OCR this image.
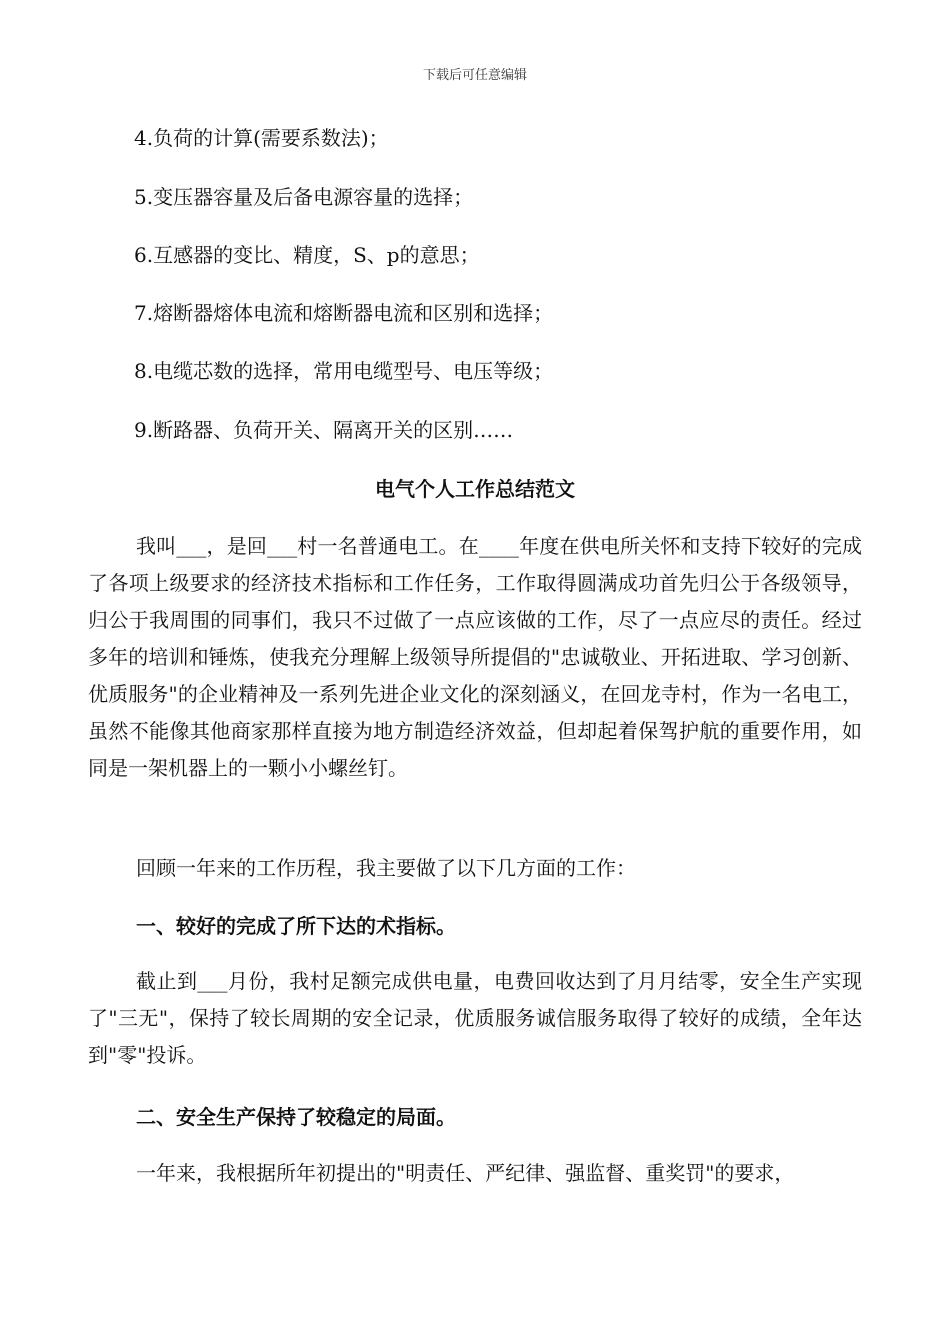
下载后可任意编辑
4.负荷的计算(需要系数法)；
5.变压器容量及后备电源容量的选择；
6.互感器的变比、精度，S、p的意思；
7.熔断器熔体电流和熔断器电流和区别和选择；
8.电缆芯数的选择，常用电缆型号、电压等级；
9.断路器、负荷开关、隔离开关的区别……
电气个人工作总结范文
我叫___，是回___村一名普通电工。在____年度在供电所关怀和支持下较好的完成了各项上级要求的经济技术指标和工作任务，工作取得圆满成功首先归公于各级领导，归公于我周围的同事们，我只不过做了一点应该做的工作，尽了一点应尽的责任。经过多年的培训和锤炼，使我充分理解上级领导所提倡的"忠诚敬业、开拓进取、学习创新、优质服务"的企业精神及一系列先进企业文化的深刻涵义，在回龙寺村，作为一名电工，虽然不能像其他商家那样直接为地方制造经济效益，但却起着保驾护航的重要作用，如同是一架机器上的一颗小小螺丝钉。
回顾一年来的工作历程，我主要做了以下几方面的工作：
一、较好的完成了所下达的术指标。
截止到___月份，我村足额完成供电量，电费回收达到了月月结零，安全生产实现了"三无"，保持了较长周期的安全记录，优质服务诚信服务取得了较好的成绩，全年达到"零"投诉。
二、安全生产保持了较稳定的局面。
一年来，我根据所年初提出的"明责任、严纪律、强监督、重奖罚"的要求，
